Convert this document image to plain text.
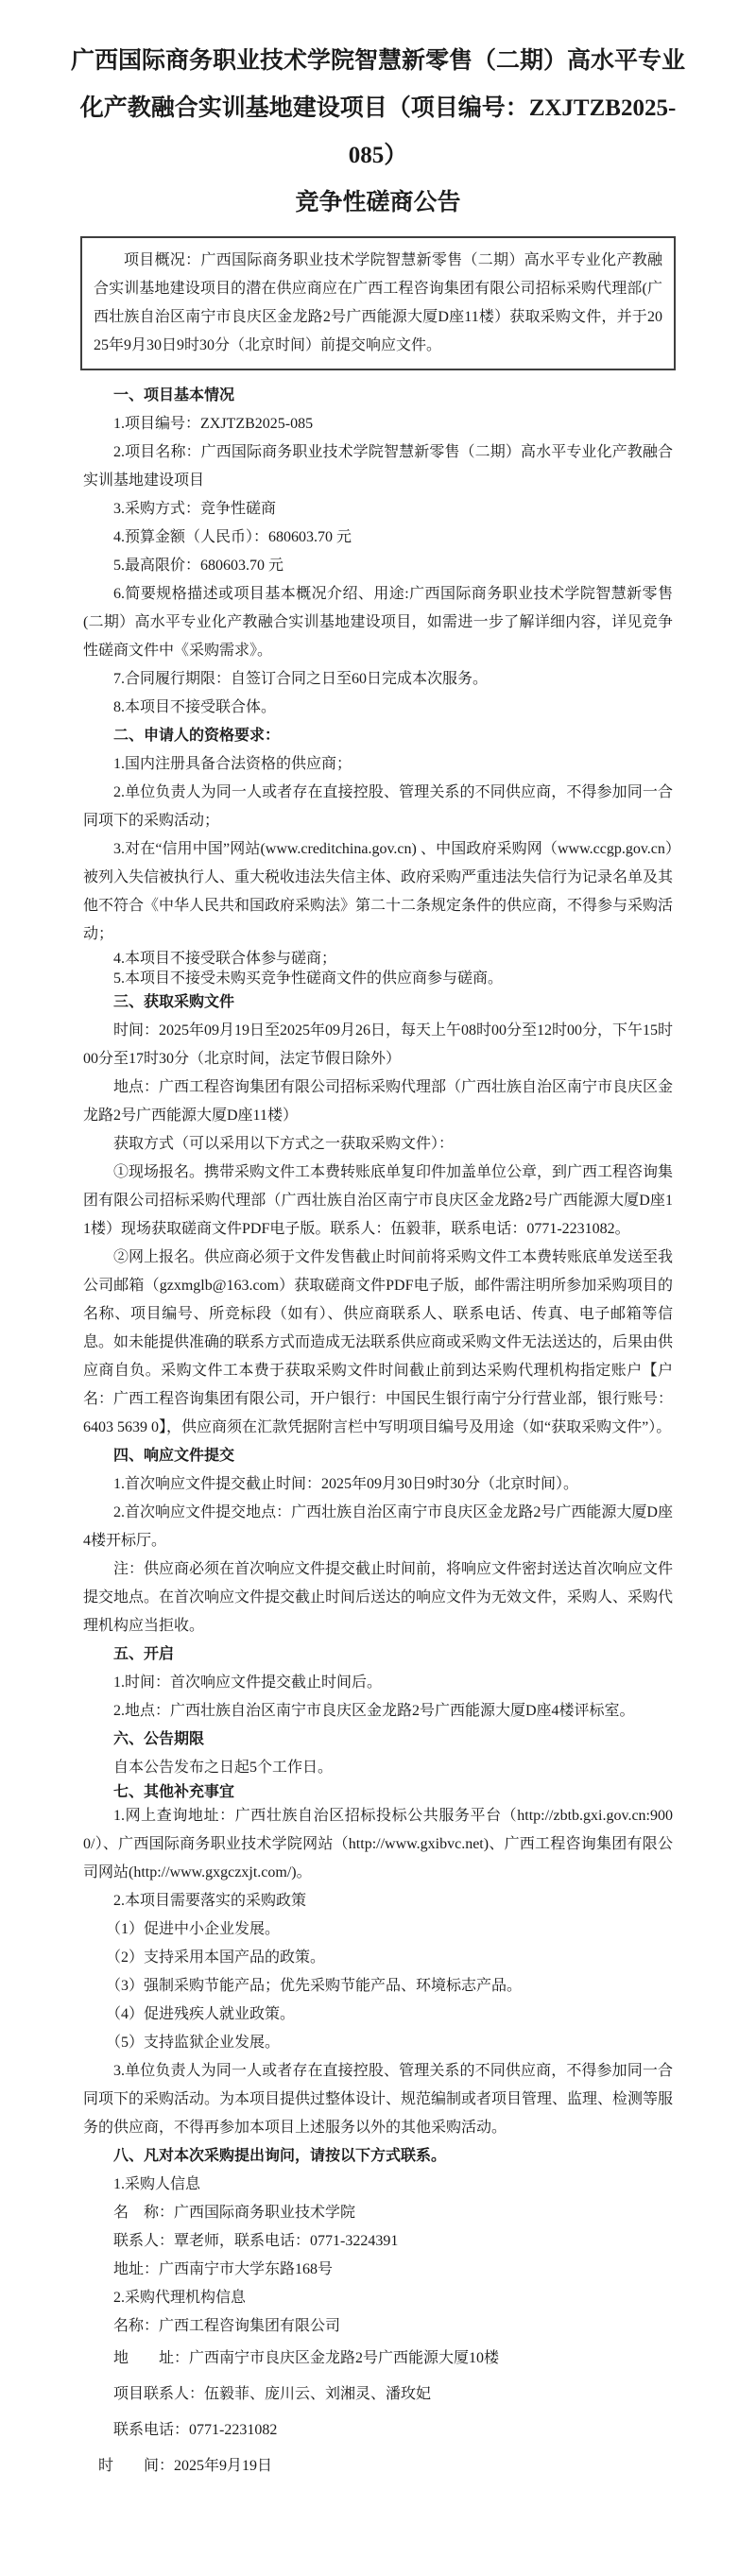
广西国际商务职业技术学院智慧新零售（二期）高水平专业
化产教融合实训基地建设项目（项目编号：ZXJTZB2025-085）
竞争性磋商公告

项目概况：广西国际商务职业技术学院智慧新零售（二期）高水平专业化产教融合实训基地建设项目的潜在供应商应在广西工程咨询集团有限公司招标采购代理部(广西壮族自治区南宁市良庆区金龙路2号广西能源大厦D座11楼）获取采购文件，并于2025年9月30日9时30分（北京时间）前提交响应文件。

一、项目基本情况

1.项目编号：ZXJTZB2025-085

2.项目名称：广西国际商务职业技术学院智慧新零售（二期）高水平专业化产教融合实训基地建设项目

3.采购方式：竞争性磋商

4.预算金额（人民币）：680603.70 元

5.最高限价：680603.70 元

6.简要规格描述或项目基本概况介绍、用途:广西国际商务职业技术学院智慧新零售(二期）高水平专业化产教融合实训基地建设项目，如需进一步了解详细内容，详见竞争性磋商文件中《采购需求》。

7.合同履行期限：自签订合同之日至60日完成本次服务。

8.本项目不接受联合体。

二、申请人的资格要求：

1.国内注册具备合法资格的供应商；

2.单位负责人为同一人或者存在直接控股、管理关系的不同供应商，不得参加同一合同项下的采购活动；

3.对在“信用中国”网站(www.creditchina.gov.cn) 、中国政府采购网（www.ccgp.gov.cn）被列入失信被执行人、重大税收违法失信主体、政府采购严重违法失信行为记录名单及其他不符合《中华人民共和国政府采购法》第二十二条规定条件的供应商，不得参与采购活动；

4.本项目不接受联合体参与磋商；

5.本项目不接受未购买竞争性磋商文件的供应商参与磋商。

三、获取采购文件

时间：2025年09月19日至2025年09月26日，每天上午08时00分至12时00分，下午15时00分至17时30分（北京时间，法定节假日除外）

地点：广西工程咨询集团有限公司招标采购代理部（广西壮族自治区南宁市良庆区金龙路2号广西能源大厦D座11楼）

获取方式（可以采用以下方式之一获取采购文件）：

①现场报名。携带采购文件工本费转账底单复印件加盖单位公章，到广西工程咨询集团有限公司招标采购代理部（广西壮族自治区南宁市良庆区金龙路2号广西能源大厦D座11楼）现场获取磋商文件PDF电子版。联系人：伍毅菲，联系电话：0771-2231082。

②网上报名。供应商必须于文件发售截止时间前将采购文件工本费转账底单发送至我公司邮箱（gzxmglb@163.com）获取磋商文件PDF电子版，邮件需注明所参加采购项目的名称、项目编号、所竞标段（如有）、供应商联系人、联系电话、传真、电子邮箱等信息。如未能提供准确的联系方式而造成无法联系供应商或采购文件无法送达的，后果由供应商自负。采购文件工本费于获取采购文件时间截止前到达采购代理机构指定账户【户名：广西工程咨询集团有限公司，开户银行：中国民生银行南宁分行营业部，银行账号：6403 5639 0】，供应商须在汇款凭据附言栏中写明项目编号及用途（如“获取采购文件”）。

四、响应文件提交

1.首次响应文件提交截止时间：2025年09月30日9时30分（北京时间）。

2.首次响应文件提交地点：广西壮族自治区南宁市良庆区金龙路2号广西能源大厦D座4楼开标厅。

注：供应商必须在首次响应文件提交截止时间前，将响应文件密封送达首次响应文件提交地点。在首次响应文件提交截止时间后送达的响应文件为无效文件，采购人、采购代理机构应当拒收。

五、开启

1.时间：首次响应文件提交截止时间后。

2.地点：广西壮族自治区南宁市良庆区金龙路2号广西能源大厦D座4楼评标室。

六、公告期限

自本公告发布之日起5个工作日。

七、其他补充事宜

1.网上查询地址：广西壮族自治区招标投标公共服务平台（http://zbtb.gxi.gov.cn:9000/）、广西国际商务职业技术学院网站（http://www.gxibvc.net)、广西工程咨询集团有限公司网站(http://www.gxgczxjt.com/)。

2.本项目需要落实的采购政策

（1）促进中小企业发展。

（2）支持采用本国产品的政策。

（3）强制采购节能产品；优先采购节能产品、环境标志产品。

（4）促进残疾人就业政策。

（5）支持监狱企业发展。

3.单位负责人为同一人或者存在直接控股、管理关系的不同供应商，不得参加同一合同项下的采购活动。为本项目提供过整体设计、规范编制或者项目管理、监理、检测等服务的供应商，不得再参加本项目上述服务以外的其他采购活动。

八、凡对本次采购提出询问，请按以下方式联系。

1.采购人信息

名　称：广西国际商务职业技术学院

联系人：覃老师，联系电话：0771-3224391

地址：广西南宁市大学东路168号

2.采购代理机构信息

名称：广西工程咨询集团有限公司

地　　址：广西南宁市良庆区金龙路2号广西能源大厦10楼

项目联系人：伍毅菲、庞川云、刘湘灵、潘玫妃

联系电话：0771-2231082

时　　间：2025年9月19日
